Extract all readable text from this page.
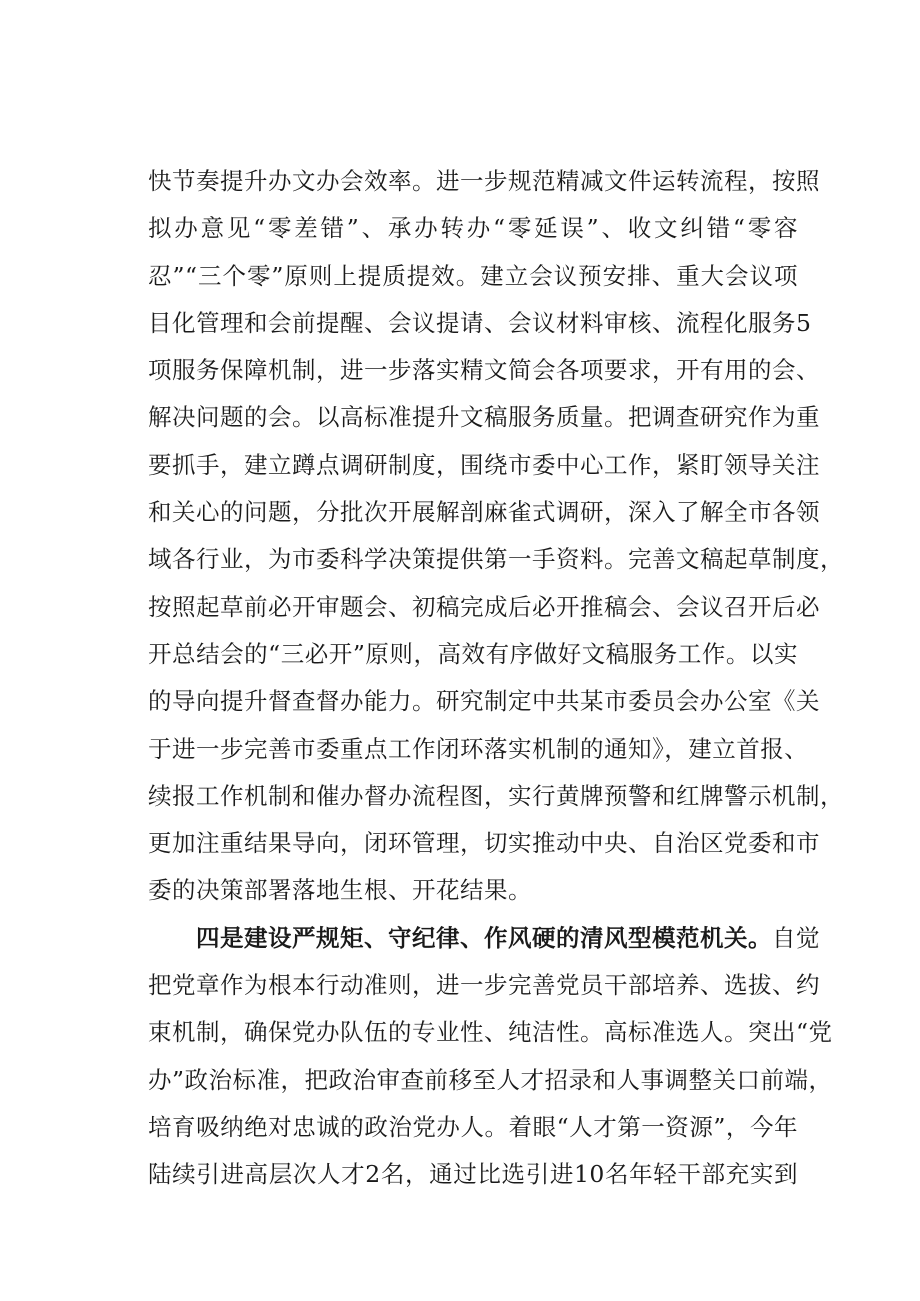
快节奏提升办文办会效率。进一步规范精减文件运转流程，按照

拟办意见“零差错”、承办转办“零延误”、收文纠错“零容

忍”“三个零”原则上提质提效。建立会议预安排、重大会议项

目化管理和会前提醒、会议提请、会议材料审核、流程化服务5

项服务保障机制，进一步落实精文简会各项要求，开有用的会、

解决问题的会。以高标准提升文稿服务质量。把调查研究作为重

要抓手，建立蹲点调研制度，围绕市委中心工作，紧盯领导关注

和关心的问题，分批次开展解剖麻雀式调研，深入了解全市各领

域各行业，为市委科学决策提供第一手资料。完善文稿起草制度，

按照起草前必开审题会、初稿完成后必开推稿会、会议召开后必

开总结会的“三必开”原则，高效有序做好文稿服务工作。以实

的导向提升督查督办能力。研究制定中共某市委员会办公室《关

于进一步完善市委重点工作闭环落实机制的通知》，建立首报、

续报工作机制和催办督办流程图，实行黄牌预警和红牌警示机制，

更加注重结果导向，闭环管理，切实推动中央、自治区党委和市

委的决策部署落地生根、开花结果。

四是建设严规矩、守纪律、作风硬的清风型模范机关。自觉

把党章作为根本行动准则，进一步完善党员干部培养、选拔、约

束机制，确保党办队伍的专业性、纯洁性。高标准选人。突出“党

办”政治标准，把政治审查前移至人才招录和人事调整关口前端，

培育吸纳绝对忠诚的政治党办人。着眼“人才第一资源”，今年

陆续引进高层次人才2名，通过比选引进10名年轻干部充实到
